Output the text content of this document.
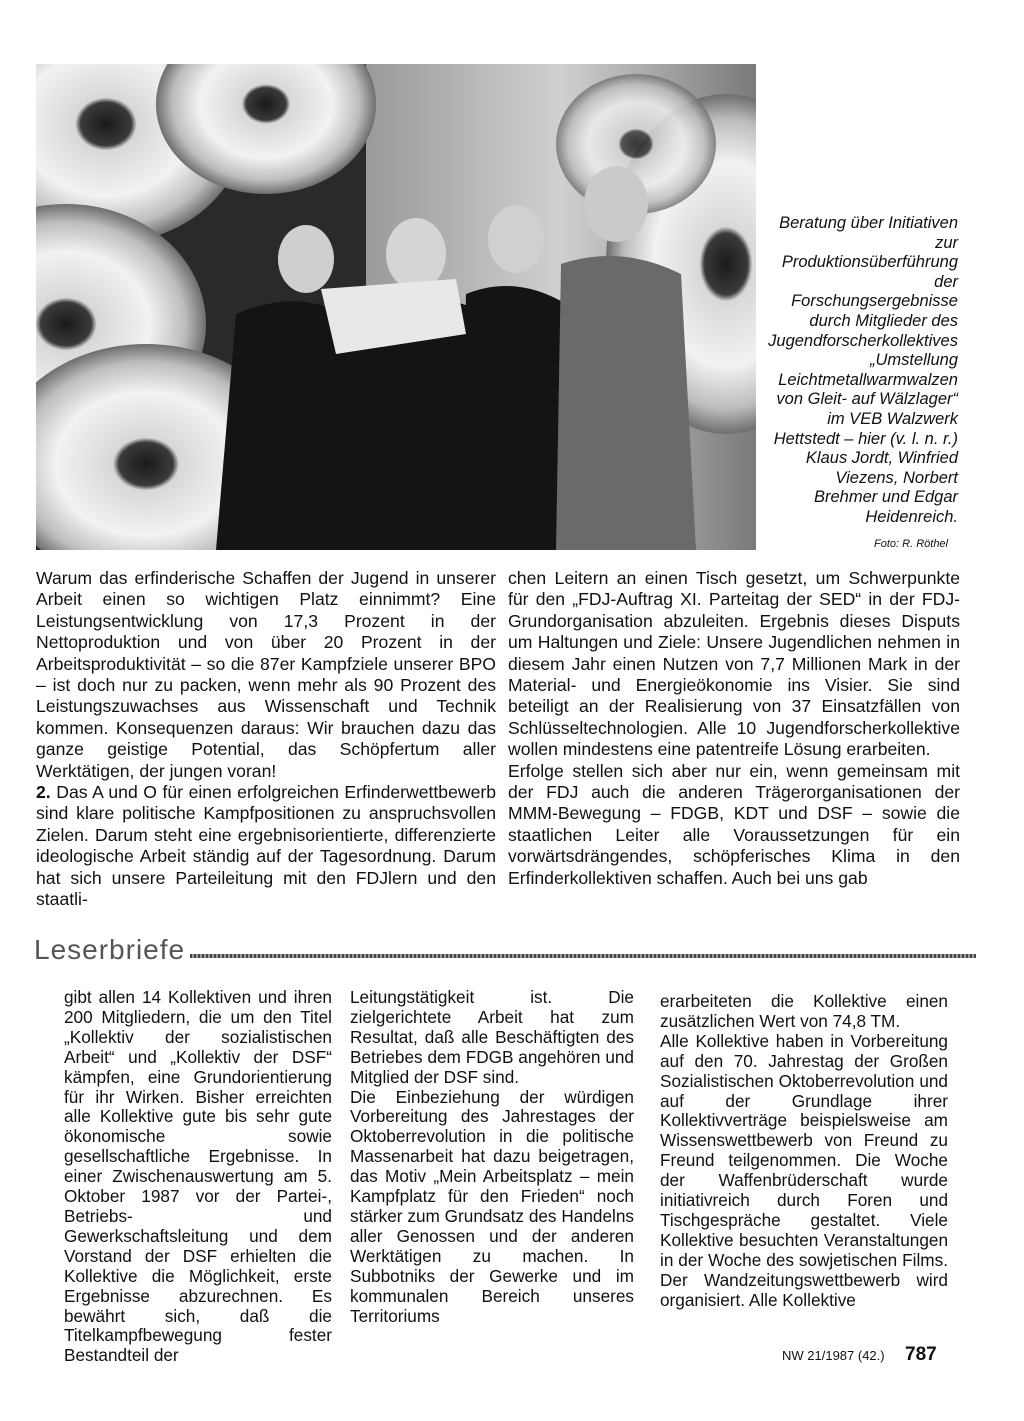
Beratung über Initiativen zur Produktionsüberführung der Forschungsergebnisse durch Mitglieder des Jugendforscherkollektives „Umstellung Leichtmetallwarmwalzen von Gleit- auf Wälzlager“ im VEB Walzwerk Hettstedt – hier (v. l. n. r.) Klaus Jordt, Winfried Viezens, Norbert Brehmer und Edgar Heidenreich.

Foto: R. Röthel

Warum das erfinderische Schaffen der Jugend in unserer Arbeit einen so wichtigen Platz einnimmt? Eine Leistungsentwicklung von 17,3 Prozent in der Nettoproduktion und von über 20 Prozent in der Arbeitsproduktivität – so die 87er Kampfziele unserer BPO – ist doch nur zu packen, wenn mehr als 90 Prozent des Leistungszuwachses aus Wissenschaft und Technik kommen. Konsequenzen daraus: Wir brauchen dazu das ganze geistige Potential, das Schöpfertum aller Werktätigen, der jungen voran!

2. Das A und O für einen erfolgreichen Erfinderwettbewerb sind klare politische Kampfpositionen zu anspruchsvollen Zielen. Darum steht eine ergebnisorientierte, differenzierte ideologische Arbeit ständig auf der Tagesordnung. Darum hat sich unsere Parteileitung mit den FDJlern und den staatli-

chen Leitern an einen Tisch gesetzt, um Schwerpunkte für den „FDJ-Auftrag XI. Parteitag der SED“ in der FDJ-Grundorganisation abzuleiten. Ergebnis dieses Disputs um Haltungen und Ziele: Unsere Jugendlichen nehmen in diesem Jahr einen Nutzen von 7,7 Millionen Mark in der Material- und Energieökonomie ins Visier. Sie sind beteiligt an der Realisierung von 37 Einsatzfällen von Schlüsseltechnologien. Alle 10 Jugendforscherkollektive wollen mindestens eine patentreife Lösung erarbeiten.

Erfolge stellen sich aber nur ein, wenn gemeinsam mit der FDJ auch die anderen Trägerorganisationen der MMM-Bewegung – FDGB, KDT und DSF – sowie die staatlichen Leiter alle Voraussetzungen für ein vorwärtsdrängendes, schöpferisches Klima in den Erfinderkollektiven schaffen. Auch bei uns gab

Leserbriefe

gibt allen 14 Kollektiven und ihren 200 Mitgliedern, die um den Titel „Kollektiv der sozialistischen Arbeit“ und „Kollektiv der DSF“ kämpfen, eine Grundorientierung für ihr Wirken. Bisher erreichten alle Kollektive gute bis sehr gute ökonomische sowie gesellschaftliche Ergebnisse. In einer Zwischenauswertung am 5. Oktober 1987 vor der Partei-, Betriebs- und Gewerkschaftsleitung und dem Vorstand der DSF erhielten die Kollektive die Möglichkeit, erste Ergebnisse abzurechnen. Es bewährt sich, daß die Titelkampfbewegung fester Bestandteil der

Leitungstätigkeit ist. Die zielgerichtete Arbeit hat zum Resultat, daß alle Beschäftigten des Betriebes dem FDGB angehören und Mitglied der DSF sind.

Die Einbeziehung der würdigen Vorbereitung des Jahrestages der Oktoberrevolution in die politische Massenarbeit hat dazu beigetragen, das Motiv „Mein Arbeitsplatz – mein Kampfplatz für den Frieden“ noch stärker zum Grundsatz des Handelns aller Genossen und der anderen Werktätigen zu machen. In Subbotniks der Gewerke und im kommunalen Bereich unseres Territoriums

erarbeiteten die Kollektive einen zusätzlichen Wert von 74,8 TM.

Alle Kollektive haben in Vorbereitung auf den 70. Jahrestag der Großen Sozialistischen Oktoberrevolution und auf der Grundlage ihrer Kollektivverträge beispielsweise am Wissenswettbewerb von Freund zu Freund teilgenommen. Die Woche der Waffenbrüderschaft wurde initiativreich durch Foren und Tischgespräche gestaltet. Viele Kollektive besuchten Veranstaltungen in der Woche des sowjetischen Films. Der Wandzeitungswettbewerb wird organisiert. Alle Kollektive

NW 21/1987 (42.) 787
